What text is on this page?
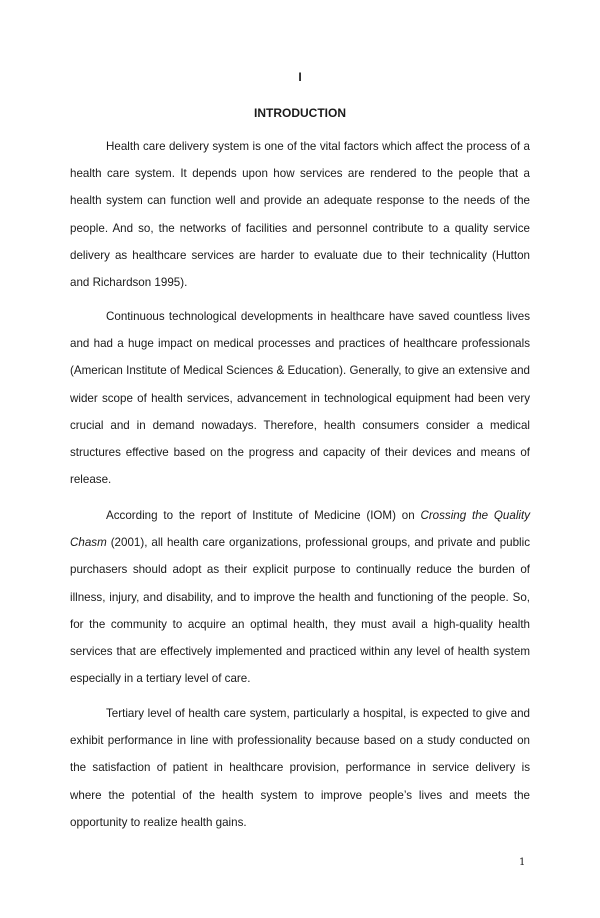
I
INTRODUCTION

Health care delivery system is one of the vital factors which affect the process of a health care system. It depends upon how services are rendered to the people that a health system can function well and provide an adequate response to the needs of the people. And so, the networks of facilities and personnel contribute to a quality service delivery as healthcare services are harder to evaluate due to their technicality (Hutton and Richardson 1995).

Continuous technological developments in healthcare have saved countless lives and had a huge impact on medical processes and practices of healthcare professionals (American Institute of Medical Sciences & Education). Generally, to give an extensive and wider scope of health services, advancement in technological equipment had been very crucial and in demand nowadays. Therefore, health consumers consider a medical structures effective based on the progress and capacity of their devices and means of release.

According to the report of Institute of Medicine (IOM) on Crossing the Quality Chasm (2001), all health care organizations, professional groups, and private and public purchasers should adopt as their explicit purpose to continually reduce the burden of illness, injury, and disability, and to improve the health and functioning of the people. So, for the community to acquire an optimal health, they must avail a high-quality health services that are effectively implemented and practiced within any level of health system especially in a tertiary level of care.

Tertiary level of health care system, particularly a hospital, is expected to give and exhibit performance in line with professionality because based on a study conducted on the satisfaction of patient in healthcare provision, performance in service delivery is where the potential of the health system to improve people’s lives and meets the opportunity to realize health gains.

1
